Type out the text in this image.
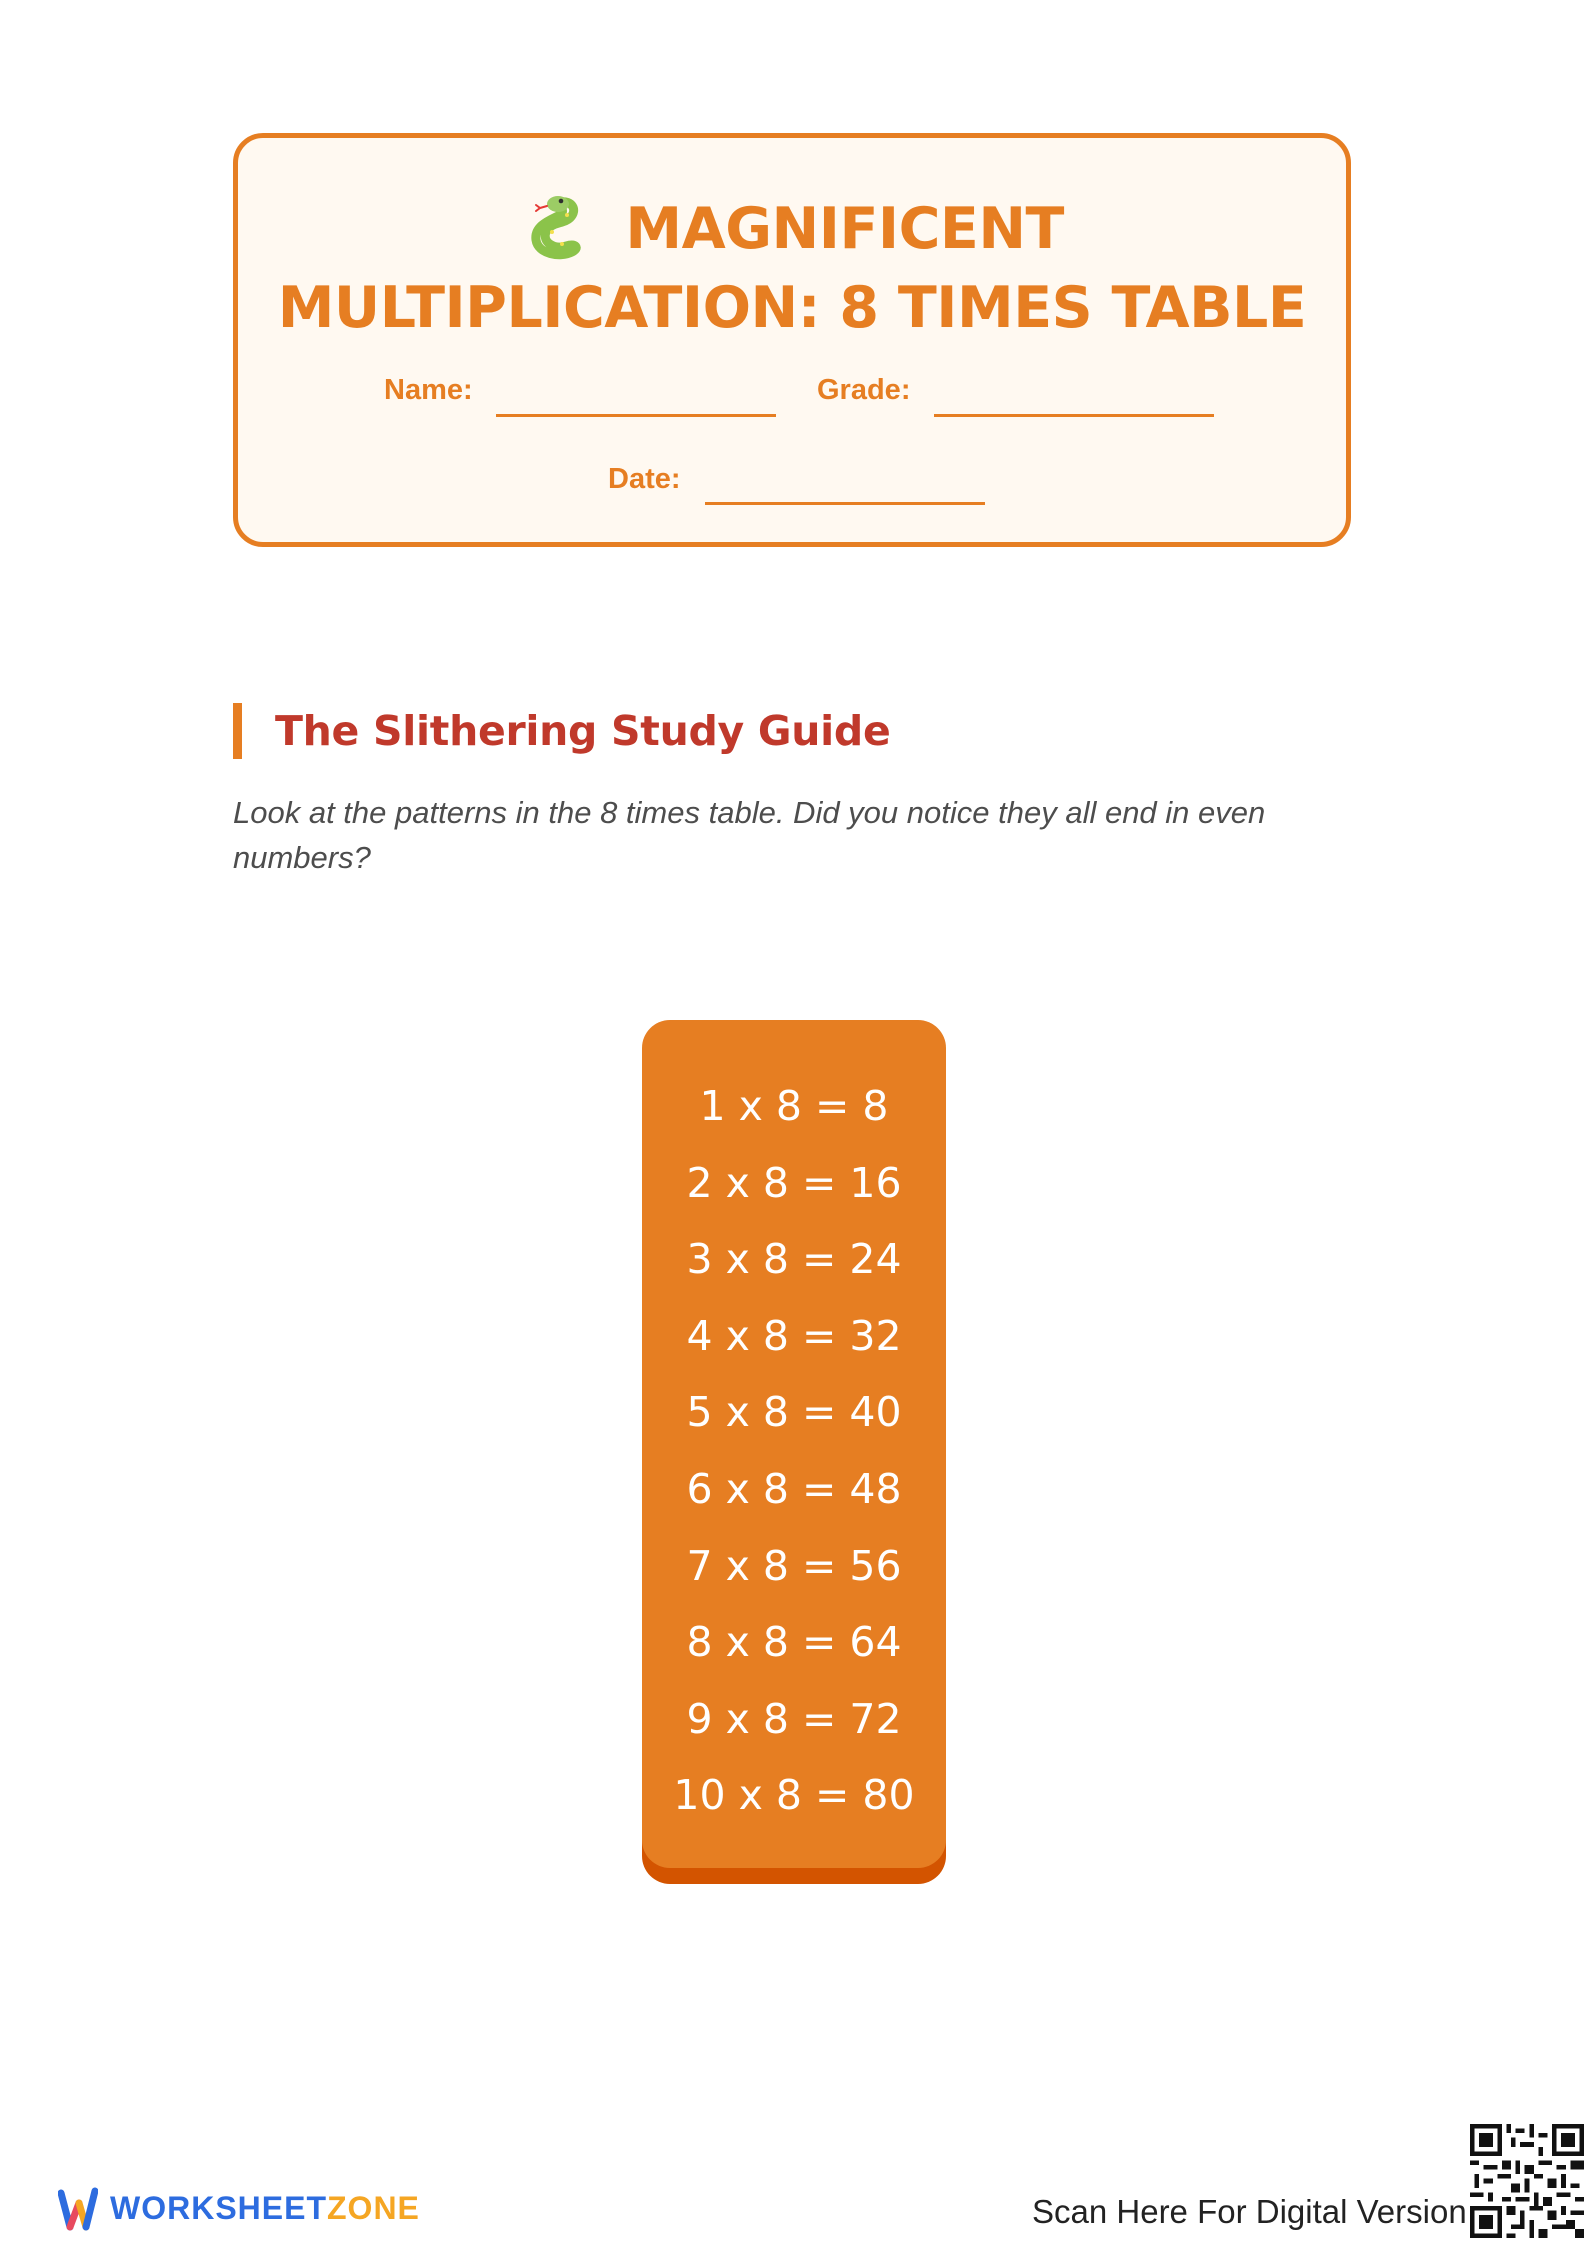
MAGNIFICENT
MULTIPLICATION: 8 TIMES TABLE
Name:	Grade:
Date:
The Slithering Study Guide
Look at the patterns in the 8 times table. Did you notice they all end in even numbers?
1 x 8 = 8
2 x 8 = 16
3 x 8 = 24
4 x 8 = 32
5 x 8 = 40
6 x 8 = 48
7 x 8 = 56
8 x 8 = 64
9 x 8 = 72
10 x 8 = 80
WORKSHEETZONE	Scan Here For Digital Version
